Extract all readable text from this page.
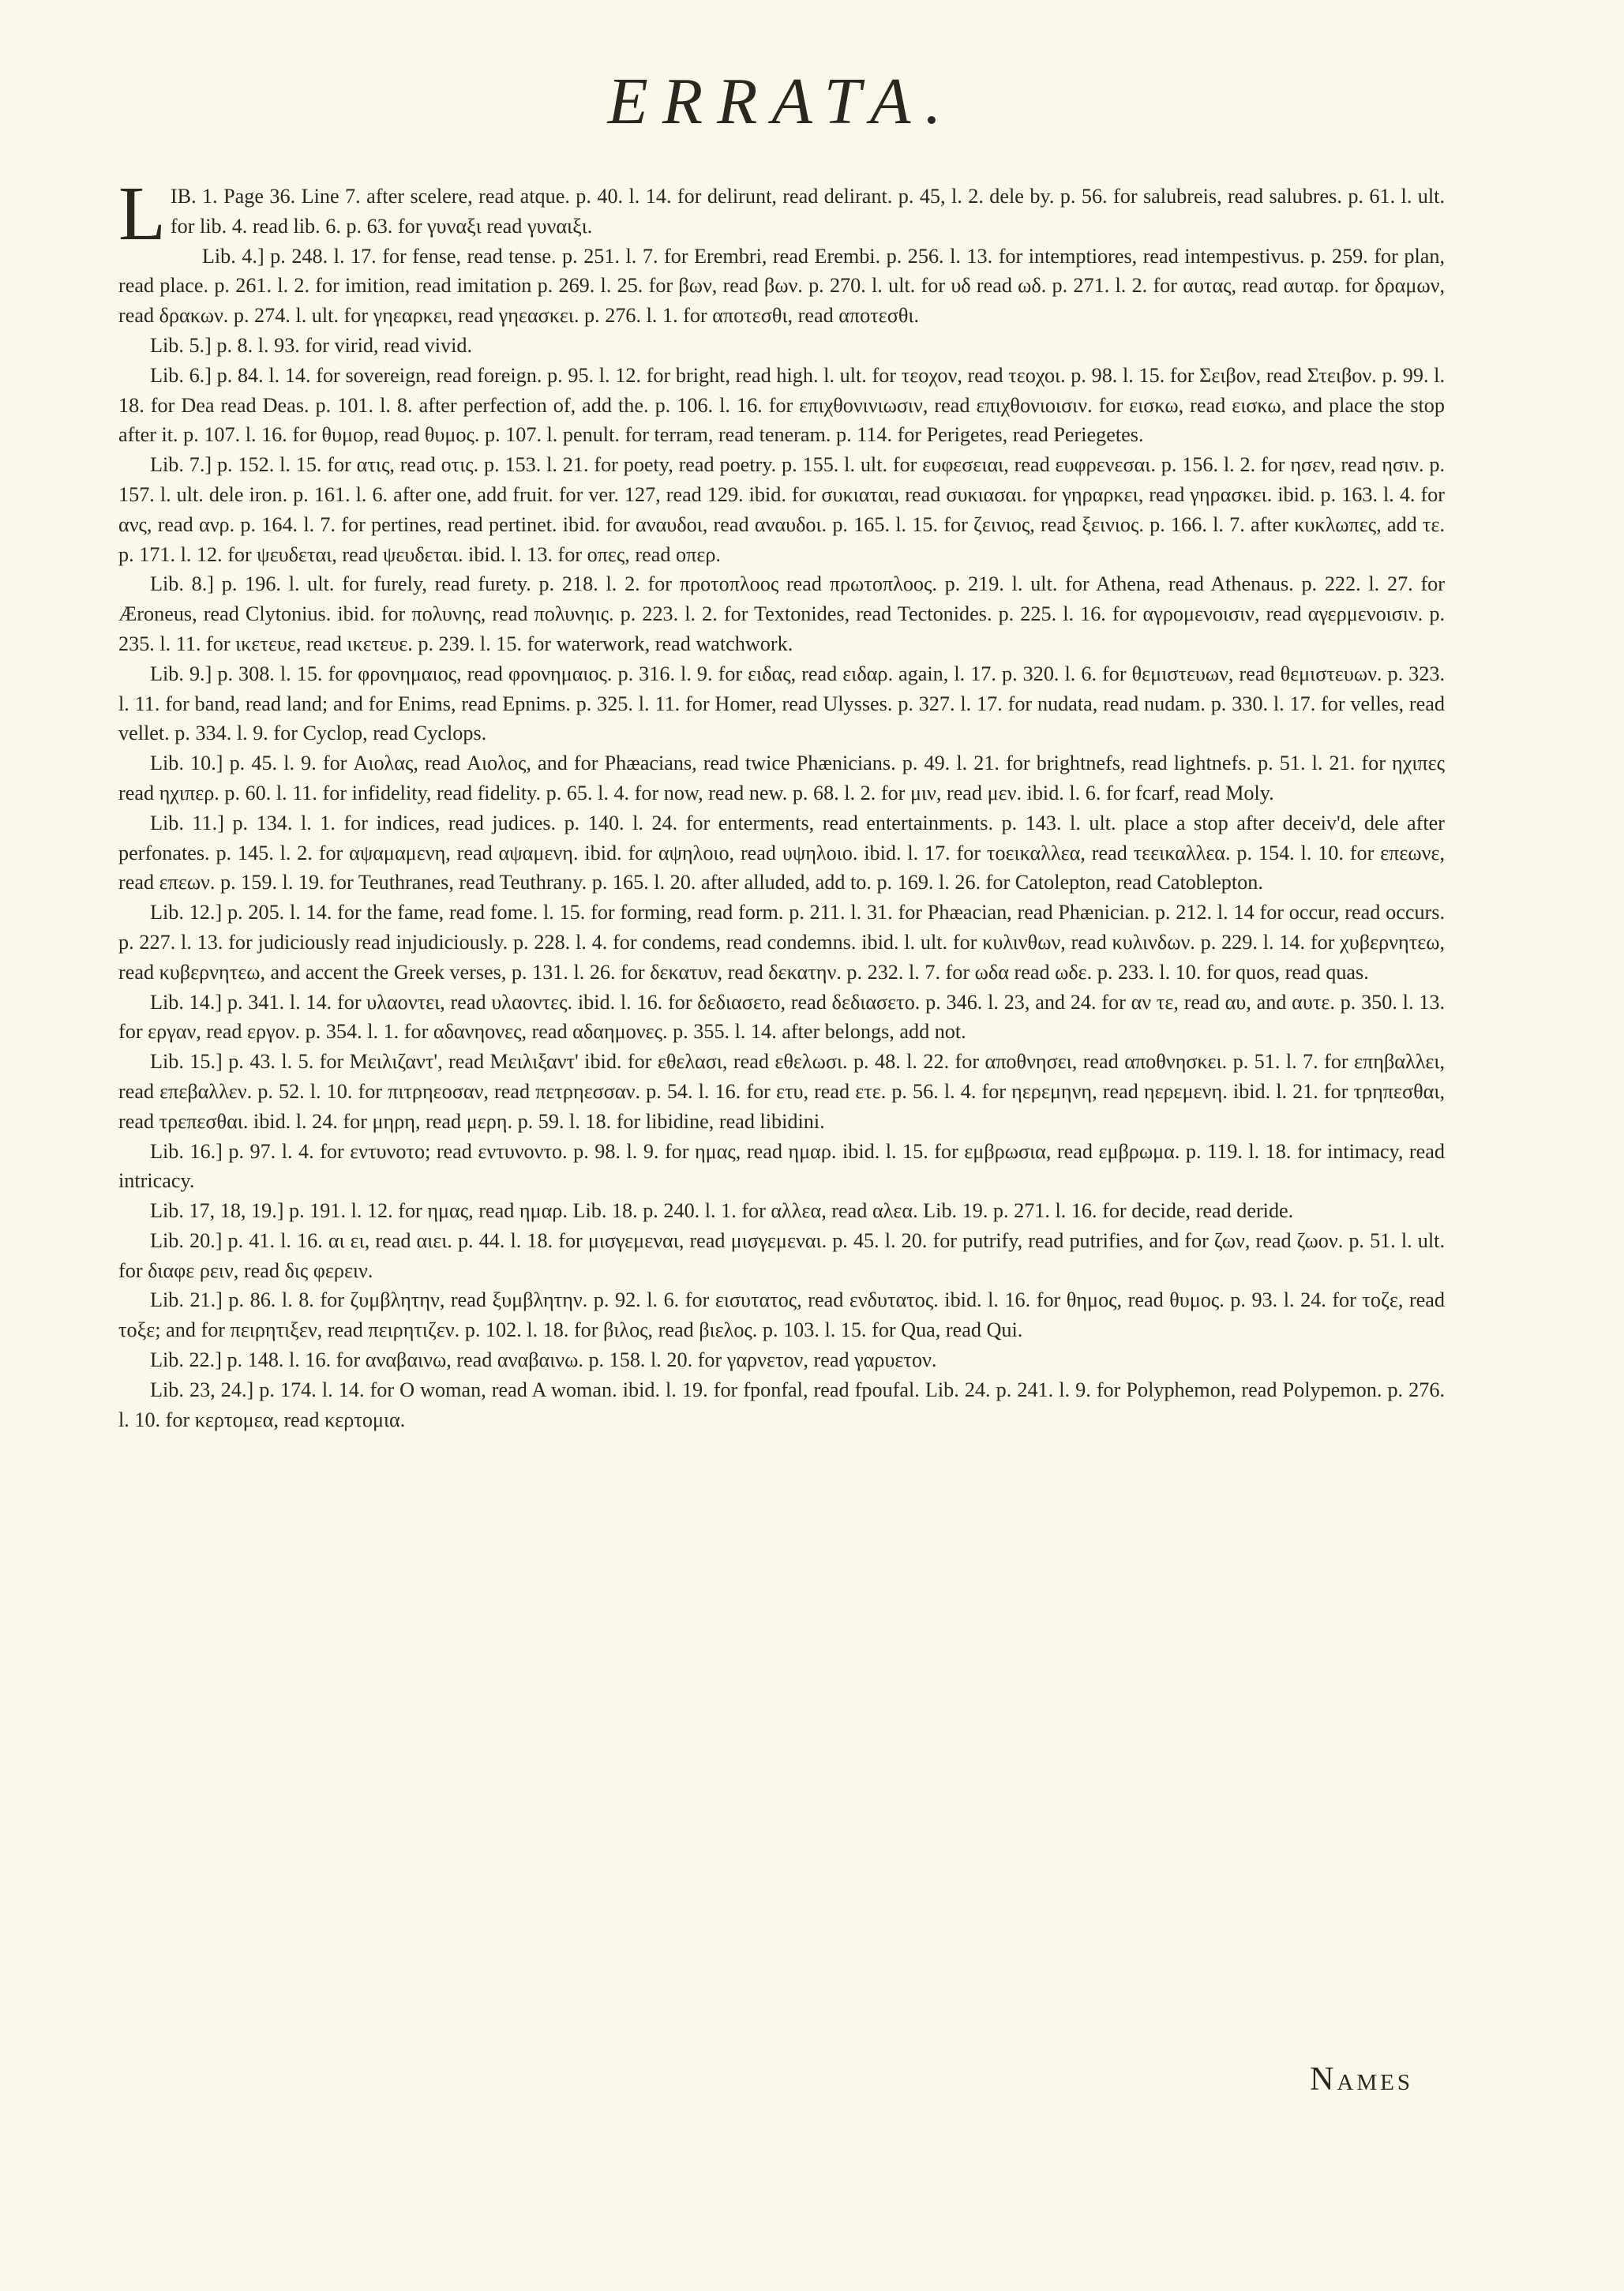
ERRATA.

LIB. 1. Page 36. Line 7. after scelere, read atque. p. 40. l. 14. for delirunt, read delirant. p. 45, l. 2. dele by. p. 56. for salubreis, read salubres. p. 61. l. ult. for lib. 4. read lib. 6. p. 63. for γυναξι read γυναιξι.

Lib. 4.] p. 248. l. 17. for fense, read tense. p. 251. l. 7. for Erembri, read Erembi. p. 256. l. 13. for intemptiores, read intempestivus. p. 259. for plan, read place. p. 261. l. 2. for imition, read imitation p. 269. l. 25. for βων, read βων. p. 270. l. ult. for υδ read ωδ. p. 271. l. 2. for αυτας, read αυταρ. for δραμων, read δρακων. p. 274. l. ult. for γηεαρκει, read γηεασκει. p. 276. l. 1. for αποτεσθι, read αποτεσθι.

Lib. 5.] p. 8. l. 93. for virid, read vivid.

Lib. 6.] p. 84. l. 14. for sovereign, read foreign. p. 95. l. 12. for bright, read high. l. ult. for τεοχον, read τεοχοι. p. 98. l. 15. for Σειβον, read Στειβον. p. 99. l. 18. for Dea read Deas. p. 101. l. 8. after perfection of, add the. p. 106. l. 16. for επιχθονινιωσιν, read επιχθονιοισιν. for εισκω, read εισκω, and place the stop after it. p. 107. l. 16. for θυμορ, read θυμος. p. 107. l. penult. for terram, read teneram. p. 114. for Perigetes, read Periegetes.

Lib. 7.] p. 152. l. 15. for ατις, read οτις. p. 153. l. 21. for poety, read poetry. p. 155. l. ult. for ευφεσειαι, read ευφρενεσαι. p. 156. l. 2. for ησεν, read ησιν. p. 157. l. ult. dele iron. p. 161. l. 6. after one, add fruit. for ver. 127, read 129. ibid. for συκιαται, read συκιασαι. for γηραρκει, read γηρασκει. ibid. p. 163. l. 4. for ανς, read ανρ. p. 164. l. 7. for pertines, read pertinet. ibid. for αναυδοι, read αναυδοι. p. 165. l. 15. for ζεινιος, read ξεινιος. p. 166. l. 7. after κυκλωπες, add τε. p. 171. l. 12. for ψευδεται, read ψευδεται. ibid. l. 13. for οπες, read οπερ.

Lib. 8.] p. 196. l. ult. for furely, read furety. p. 218. l. 2. for προτοπλοος read πρωτοπλοος. p. 219. l. ult. for Athena, read Athenaus. p. 222. l. 27. for Æroneus, read Clytonius. ibid. for πολυνης, read πολυνηις. p. 223. l. 2. for Textonides, read Tectonides. p. 225. l. 16. for αγρομενοισιν, read αγερμενοισιν. p. 235. l. 11. for ικετευε, read ικετευε. p. 239. l. 15. for waterwork, read watchwork.

Lib. 9.] p. 308. l. 15. for φρονημαιος, read φρονημαιος. p. 316. l. 9. for ειδας, read ειδαρ. again, l. 17. p. 320. l. 6. for θεμιστευων, read θεμιστευων. p. 323. l. 11. for band, read land; and for Enims, read Epnims. p. 325. l. 11. for Homer, read Ulysses. p. 327. l. 17. for nudata, read nudam. p. 330. l. 17. for velles, read vellet. p. 334. l. 9. for Cyclop, read Cyclops.

Lib. 10.] p. 45. l. 9. for Αιολας, read Αιολος, and for Phæacians, read twice Phænicians. p. 49. l. 21. for brightnefs, read lightnefs. p. 51. l. 21. for ηχιπες read ηχιπερ. p. 60. l. 11. for infidelity, read fidelity. p. 65. l. 4. for now, read new. p. 68. l. 2. for μιν, read μεν. ibid. l. 6. for fcarf, read Moly.

Lib. 11.] p. 134. l. 1. for indices, read judices. p. 140. l. 24. for enterments, read entertainments. p. 143. l. ult. place a stop after deceiv'd, dele after perfonates. p. 145. l. 2. for αψαμαμενη, read αψαμενη. ibid. for αψηλοιο, read υψηλοιο. ibid. l. 17. for τοεικαλλεα, read τεεικαλλεα. p. 154. l. 10. for επεωνε, read επεων. p. 159. l. 19. for Teuthranes, read Teuthrany. p. 165. l. 20. after alluded, add to. p. 169. l. 26. for Catolepton, read Catoblepton.

Lib. 12.] p. 205. l. 14. for the fame, read fome. l. 15. for forming, read form. p. 211. l. 31. for Phæacian, read Phænician. p. 212. l. 14 for occur, read occurs. p. 227. l. 13. for judiciously read injudiciously. p. 228. l. 4. for condems, read condemns. ibid. l. ult. for κυλινθων, read κυλινδων. p. 229. l. 14. for χυβερνητεω, read κυβερνητεω, and accent the Greek verses, p. 131. l. 26. for δεκατυν, read δεκατην. p. 232. l. 7. for ωδα read ωδε. p. 233. l. 10. for quos, read quas.

Lib. 14.] p. 341. l. 14. for υλαοντει, read υλαοντες. ibid. l. 16. for δεδιασετο, read δεδιασετο. p. 346. l. 23, and 24. for αν τε, read αυ, and αυτε. p. 350. l. 13. for εργαν, read εργον. p. 354. l. 1. for αδανηονες, read αδαημονες. p. 355. l. 14. after belongs, add not.

Lib. 15.] p. 43. l. 5. for Μειλιζαντ', read Μειλιξαντ' ibid. for εθελασι, read εθελωσι. p. 48. l. 22. for αποθνησει, read αποθνησκει. p. 51. l. 7. for επηβαλλει, read επεβαλλεν. p. 52. l. 10. for πιτρηεοσαν, read πετρηεσσαν. p. 54. l. 16. for ετυ, read ετε. p. 56. l. 4. for ηερεμηνη, read ηερεμενη. ibid. l. 21. for τρηπεσθαι, read τρεπεσθαι. ibid. l. 24. for μηρη, read μερη. p. 59. l. 18. for libidine, read libidini.

Lib. 16.] p. 97. l. 4. for εντυνοτο; read εντυνοντο. p. 98. l. 9. for ημας, read ημαρ. ibid. l. 15. for εμβρωσια, read εμβρωμα. p. 119. l. 18. for intimacy, read intricacy.

Lib. 17, 18, 19.] p. 191. l. 12. for ημας, read ημαρ. Lib. 18. p. 240. l. 1. for αλλεα, read αλεα. Lib. 19. p. 271. l. 16. for decide, read deride.

Lib. 20.] p. 41. l. 16. αι ει, read αιει. p. 44. l. 18. for μισγεμεναι, read μισγεμεναι. p. 45. l. 20. for putrify, read putrifies, and for ζων, read ζωον. p. 51. l. ult. for διαφε ρειν, read δις φερειν.

Lib. 21.] p. 86. l. 8. for ζυμβλητην, read ξυμβλητην. p. 92. l. 6. for εισυτατος, read ενδυτατος. ibid. l. 16. for θημος, read θυμος. p. 93. l. 24. for τοζε, read τοξε; and for πειρητιξεν, read πειρητιζεν. p. 102. l. 18. for βιλος, read βιελος. p. 103. l. 15. for Qua, read Qui.

Lib. 22.] p. 148. l. 16. for αναβαινω, read αναβαινω. p. 158. l. 20. for γαρνετον, read γαρυετον.

Lib. 23, 24.] p. 174. l. 14. for O woman, read A woman. ibid. l. 19. for fponfal, read fpoufal. Lib. 24. p. 241. l. 9. for Polyphemon, read Polypemon. p. 276. l. 10. for κερτομεα, read κερτομια.

Names
